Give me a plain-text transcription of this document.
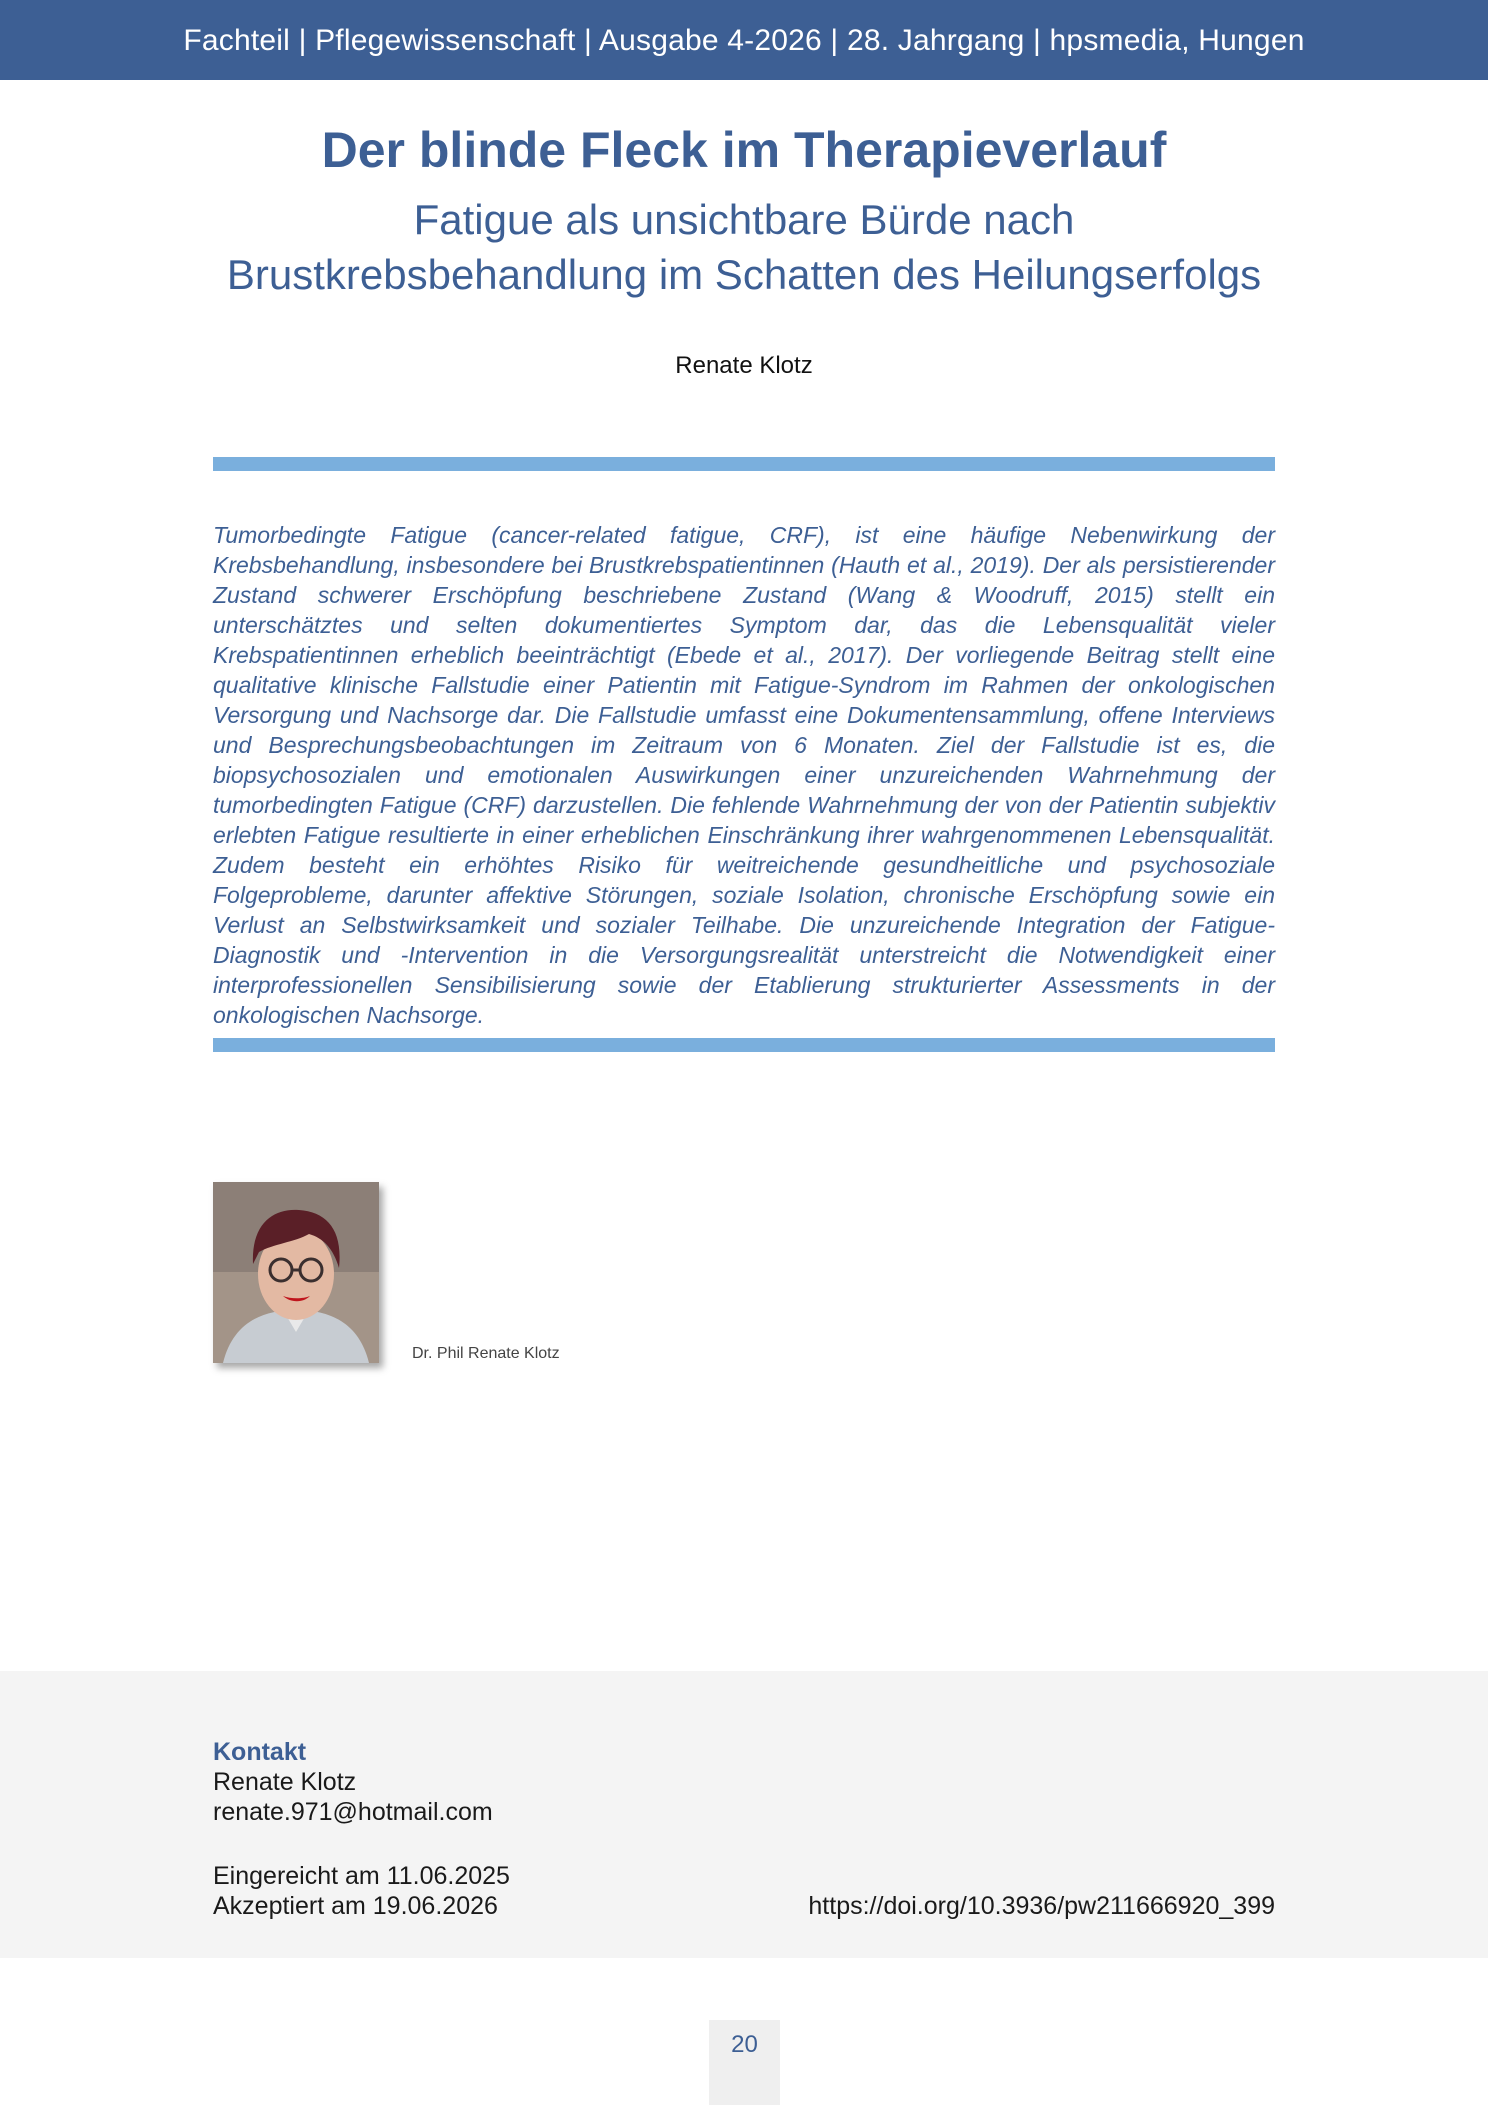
Fachteil | Pflegewissenschaft | Ausgabe 4-2026 | 28. Jahrgang | hpsmedia, Hungen
Der blinde Fleck im Therapieverlauf
Fatigue als unsichtbare Bürde nach
Brustkrebsbehandlung im Schatten des Heilungserfolgs
Renate Klotz
Tumorbedingte Fatigue (cancer-related fatigue, CRF), ist eine häufige Nebenwirkung der Krebsbehandlung, insbesondere bei Brustkrebspatientinnen (Hauth et al., 2019). Der als persistierender Zustand schwerer Erschöpfung beschriebene Zustand (Wang & Woodruff, 2015) stellt ein unterschätztes und selten dokumentiertes Symptom dar, das die Lebensqualität vieler Krebspatientinnen erheblich beeinträchtigt (Ebede et al., 2017). Der vorliegende Beitrag stellt eine qualitative klinische Fallstudie einer Patientin mit Fatigue-Syndrom im Rahmen der onkologischen Versorgung und Nachsorge dar. Die Fallstudie umfasst eine Dokumentensammlung, offene Interviews und Besprechungsbeobachtungen im Zeitraum von 6 Monaten. Ziel der Fallstudie ist es, die biopsychosozialen und emotionalen Auswirkungen einer unzureichenden Wahrnehmung der tumorbedingten Fatigue (CRF) darzustellen. Die fehlende Wahrnehmung der von der Patientin subjektiv erlebten Fatigue resultierte in einer erheblichen Einschränkung ihrer wahrgenommenen Lebensqualität. Zudem besteht ein erhöhtes Risiko für weitreichende gesundheitliche und psychosoziale Folgeprobleme, darunter affektive Störungen, soziale Isolation, chronische Erschöpfung sowie ein Verlust an Selbstwirksamkeit und sozialer Teilhabe. Die unzureichende Integration der Fatigue-Diagnostik und -Intervention in die Versorgungsrealität unterstreicht die Notwendigkeit einer interprofessionellen Sensibilisierung sowie der Etablierung strukturierter Assessments in der onkologischen Nachsorge.
Dr. Phil Renate Klotz
Kontakt
Renate Klotz
renate.971@hotmail.com
Eingereicht am 11.06.2025
Akzeptiert am 19.06.2026	https://doi.org/10.3936/pw211666920_399
20
